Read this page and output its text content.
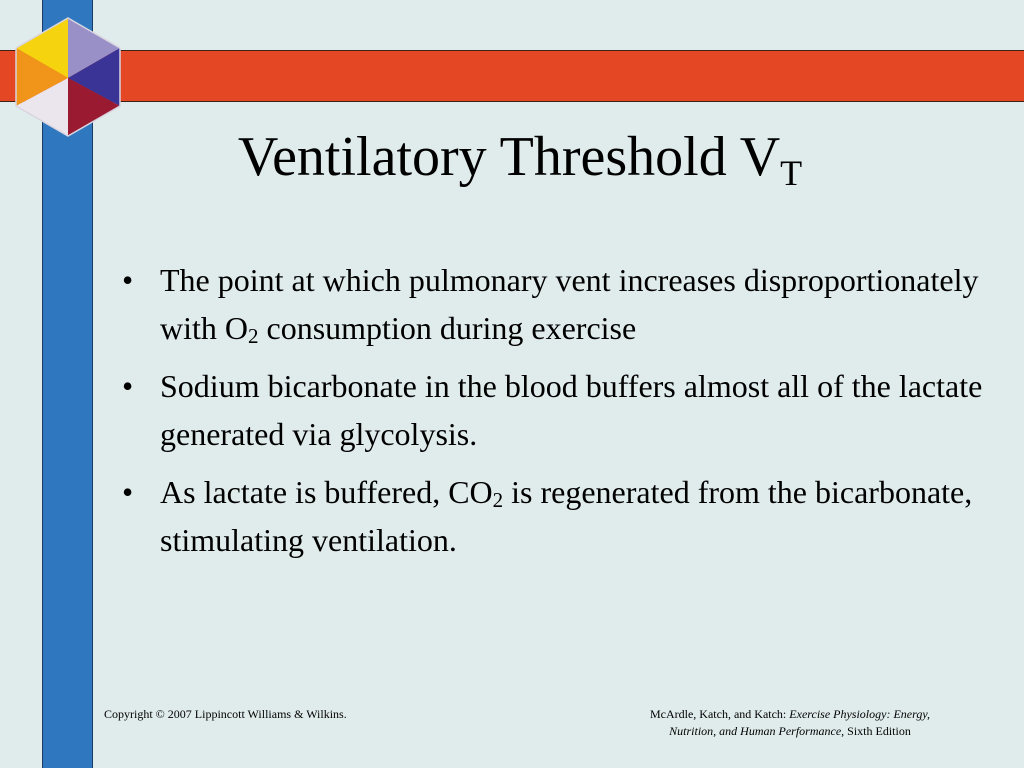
Ventilatory Threshold $V_T$
• The point at which pulmonary vent increases disproportionately with $O_2$ consumption during exercise
• Sodium bicarbonate in the blood buffers almost all of the lactate generated via glycolysis.
• As lactate is buffered, $CO_2$ is regenerated from the bicarbonate, stimulating ventilation.
Copyright © 2007 Lippincott Williams & Wilkins.	McArdle, Katch, and Katch: Exercise Physiology: Energy,
Nutrition, and Human Performance, Sixth Edition
